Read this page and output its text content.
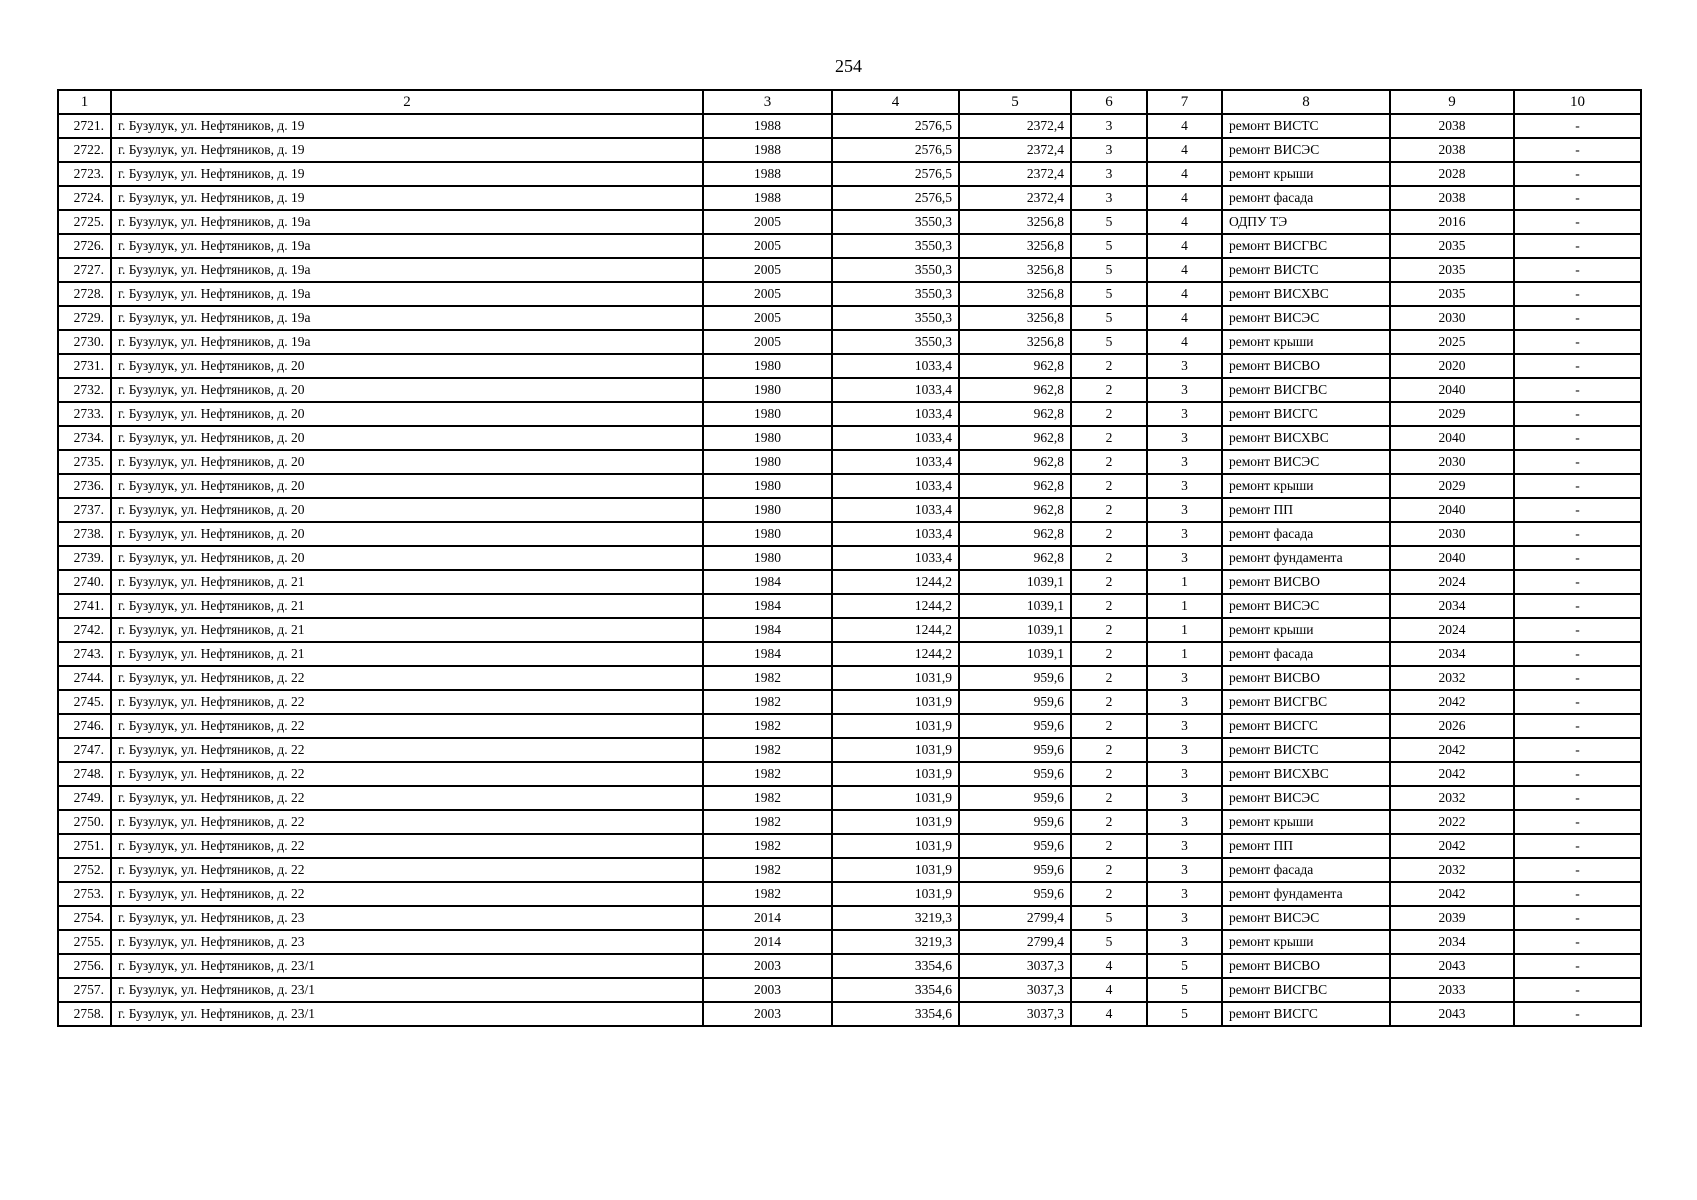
254
1	2	3	4	5	6	7	8	9	10
2721.	г. Бузулук, ул. Нефтяников, д. 19	1988	2576,5	2372,4	3	4	ремонт ВИСТС	2038	-
2722.	г. Бузулук, ул. Нефтяников, д. 19	1988	2576,5	2372,4	3	4	ремонт ВИСЭС	2038	-
2723.	г. Бузулук, ул. Нефтяников, д. 19	1988	2576,5	2372,4	3	4	ремонт крыши	2028	-
2724.	г. Бузулук, ул. Нефтяников, д. 19	1988	2576,5	2372,4	3	4	ремонт фасада	2038	-
2725.	г. Бузулук, ул. Нефтяников, д. 19а	2005	3550,3	3256,8	5	4	ОДПУ ТЭ	2016	-
2726.	г. Бузулук, ул. Нефтяников, д. 19а	2005	3550,3	3256,8	5	4	ремонт ВИСГВС	2035	-
2727.	г. Бузулук, ул. Нефтяников, д. 19а	2005	3550,3	3256,8	5	4	ремонт ВИСТС	2035	-
2728.	г. Бузулук, ул. Нефтяников, д. 19а	2005	3550,3	3256,8	5	4	ремонт ВИСХВС	2035	-
2729.	г. Бузулук, ул. Нефтяников, д. 19а	2005	3550,3	3256,8	5	4	ремонт ВИСЭС	2030	-
2730.	г. Бузулук, ул. Нефтяников, д. 19а	2005	3550,3	3256,8	5	4	ремонт крыши	2025	-
2731.	г. Бузулук, ул. Нефтяников, д. 20	1980	1033,4	962,8	2	3	ремонт ВИСВО	2020	-
2732.	г. Бузулук, ул. Нефтяников, д. 20	1980	1033,4	962,8	2	3	ремонт ВИСГВС	2040	-
2733.	г. Бузулук, ул. Нефтяников, д. 20	1980	1033,4	962,8	2	3	ремонт ВИСГС	2029	-
2734.	г. Бузулук, ул. Нефтяников, д. 20	1980	1033,4	962,8	2	3	ремонт ВИСХВС	2040	-
2735.	г. Бузулук, ул. Нефтяников, д. 20	1980	1033,4	962,8	2	3	ремонт ВИСЭС	2030	-
2736.	г. Бузулук, ул. Нефтяников, д. 20	1980	1033,4	962,8	2	3	ремонт крыши	2029	-
2737.	г. Бузулук, ул. Нефтяников, д. 20	1980	1033,4	962,8	2	3	ремонт ПП	2040	-
2738.	г. Бузулук, ул. Нефтяников, д. 20	1980	1033,4	962,8	2	3	ремонт фасада	2030	-
2739.	г. Бузулук, ул. Нефтяников, д. 20	1980	1033,4	962,8	2	3	ремонт фундамента	2040	-
2740.	г. Бузулук, ул. Нефтяников, д. 21	1984	1244,2	1039,1	2	1	ремонт ВИСВО	2024	-
2741.	г. Бузулук, ул. Нефтяников, д. 21	1984	1244,2	1039,1	2	1	ремонт ВИСЭС	2034	-
2742.	г. Бузулук, ул. Нефтяников, д. 21	1984	1244,2	1039,1	2	1	ремонт крыши	2024	-
2743.	г. Бузулук, ул. Нефтяников, д. 21	1984	1244,2	1039,1	2	1	ремонт фасада	2034	-
2744.	г. Бузулук, ул. Нефтяников, д. 22	1982	1031,9	959,6	2	3	ремонт ВИСВО	2032	-
2745.	г. Бузулук, ул. Нефтяников, д. 22	1982	1031,9	959,6	2	3	ремонт ВИСГВС	2042	-
2746.	г. Бузулук, ул. Нефтяников, д. 22	1982	1031,9	959,6	2	3	ремонт ВИСГС	2026	-
2747.	г. Бузулук, ул. Нефтяников, д. 22	1982	1031,9	959,6	2	3	ремонт ВИСТС	2042	-
2748.	г. Бузулук, ул. Нефтяников, д. 22	1982	1031,9	959,6	2	3	ремонт ВИСХВС	2042	-
2749.	г. Бузулук, ул. Нефтяников, д. 22	1982	1031,9	959,6	2	3	ремонт ВИСЭС	2032	-
2750.	г. Бузулук, ул. Нефтяников, д. 22	1982	1031,9	959,6	2	3	ремонт крыши	2022	-
2751.	г. Бузулук, ул. Нефтяников, д. 22	1982	1031,9	959,6	2	3	ремонт ПП	2042	-
2752.	г. Бузулук, ул. Нефтяников, д. 22	1982	1031,9	959,6	2	3	ремонт фасада	2032	-
2753.	г. Бузулук, ул. Нефтяников, д. 22	1982	1031,9	959,6	2	3	ремонт фундамента	2042	-
2754.	г. Бузулук, ул. Нефтяников, д. 23	2014	3219,3	2799,4	5	3	ремонт ВИСЭС	2039	-
2755.	г. Бузулук, ул. Нефтяников, д. 23	2014	3219,3	2799,4	5	3	ремонт крыши	2034	-
2756.	г. Бузулук, ул. Нефтяников, д. 23/1	2003	3354,6	3037,3	4	5	ремонт ВИСВО	2043	-
2757.	г. Бузулук, ул. Нефтяников, д. 23/1	2003	3354,6	3037,3	4	5	ремонт ВИСГВС	2033	-
2758.	г. Бузулук, ул. Нефтяников, д. 23/1	2003	3354,6	3037,3	4	5	ремонт ВИСГС	2043	-
